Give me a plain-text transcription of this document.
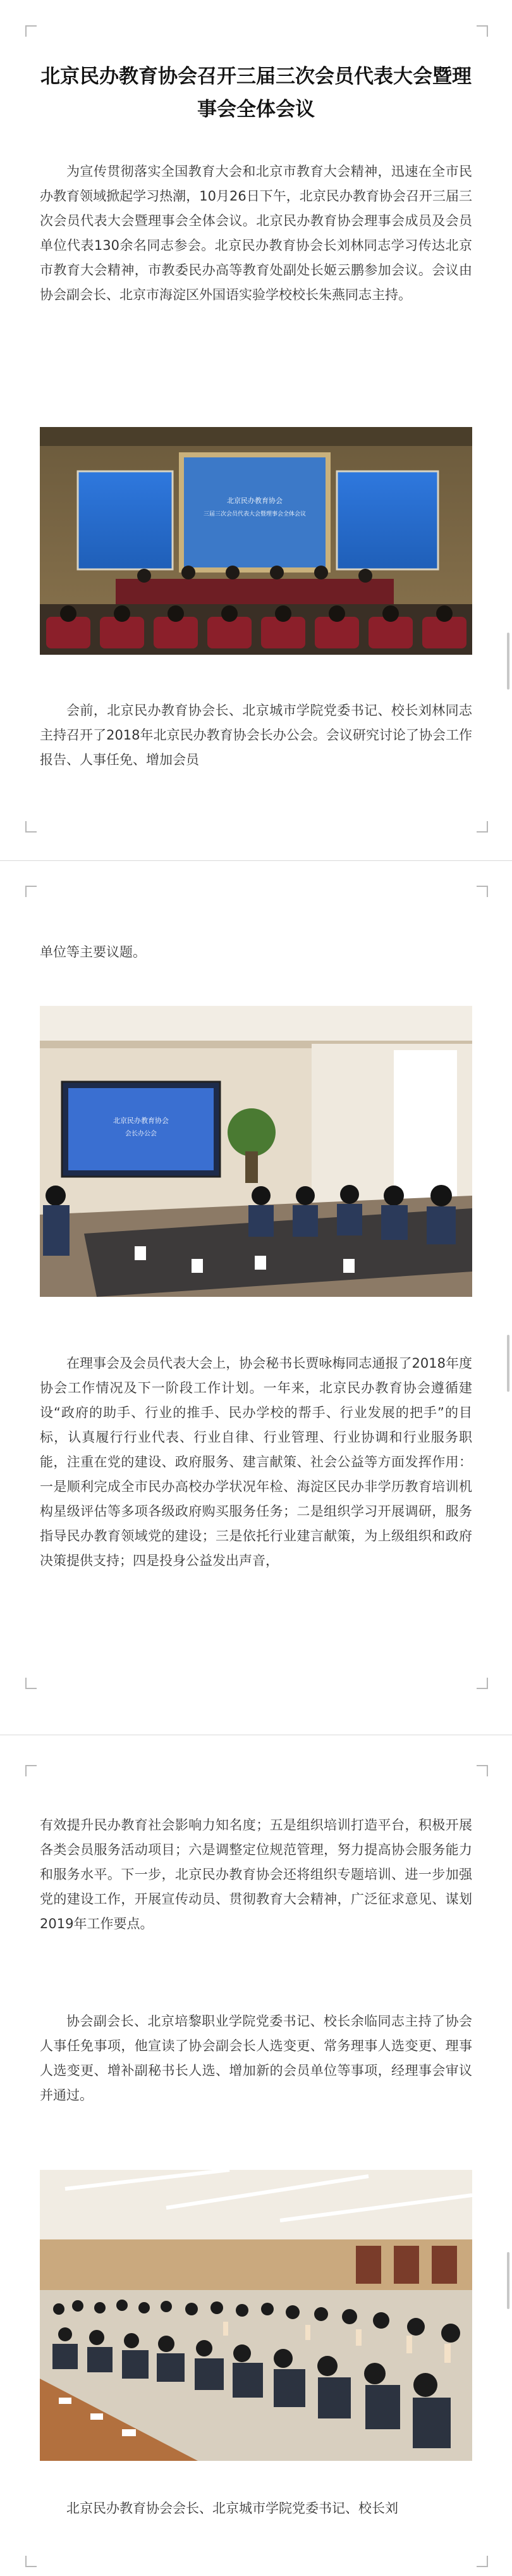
北京民办教育协会召开三届三次会员代表大会暨理事会全体会议

为宣传贯彻落实全国教育大会和北京市教育大会精神，迅速在全市民办教育领域掀起学习热潮，10月26日下午，北京民办教育协会召开三届三次会员代表大会暨理事会全体会议。北京民办教育协会理事会成员及会员单位代表130余名同志参会。北京民办教育协会长刘林同志学习传达北京市教育大会精神，市教委民办高等教育处副处长姬云鹏参加会议。会议由协会副会长、北京市海淀区外国语实验学校校长朱燕同志主持。

北京民办教育协会
三届三次会员代表大会暨理事会全体会议

会前，北京民办教育协会长、北京城市学院党委书记、校长刘林同志主持召开了2018年北京民办教育协会长办公会。会议研究讨论了协会工作报告、人事任免、增加会员

单位等主要议题。

北京民办教育协会
会长办公会

在理事会及会员代表大会上，协会秘书长贾咏梅同志通报了2018年度协会工作情况及下一阶段工作计划。一年来，北京民办教育协会遵循建设“政府的助手、行业的推手、民办学校的帮手、行业发展的把手”的目标，认真履行行业代表、行业自律、行业管理、行业协调和行业服务职能，注重在党的建设、政府服务、建言献策、社会公益等方面发挥作用：一是顺利完成全市民办高校办学状况年检、海淀区民办非学历教育培训机构星级评估等多项各级政府购买服务任务；二是组织学习开展调研，服务指导民办教育领域党的建设；三是依托行业建言献策，为上级组织和政府决策提供支持；四是投身公益发出声音，

有效提升民办教育社会影响力知名度；五是组织培训打造平台，积极开展各类会员服务活动项目；六是调整定位规范管理，努力提高协会服务能力和服务水平。下一步，北京民办教育协会还将组织专题培训、进一步加强党的建设工作，开展宣传动员、贯彻教育大会精神，广泛征求意见、谋划2019年工作要点。

协会副会长、北京培黎职业学院党委书记、校长余临同志主持了协会人事任免事项，他宣读了协会副会长人选变更、常务理事人选变更、理事人选变更、增补副秘书长人选、增加新的会员单位等事项，经理事会审议并通过。

北京民办教育协会会长、北京城市学院党委书记、校长刘
